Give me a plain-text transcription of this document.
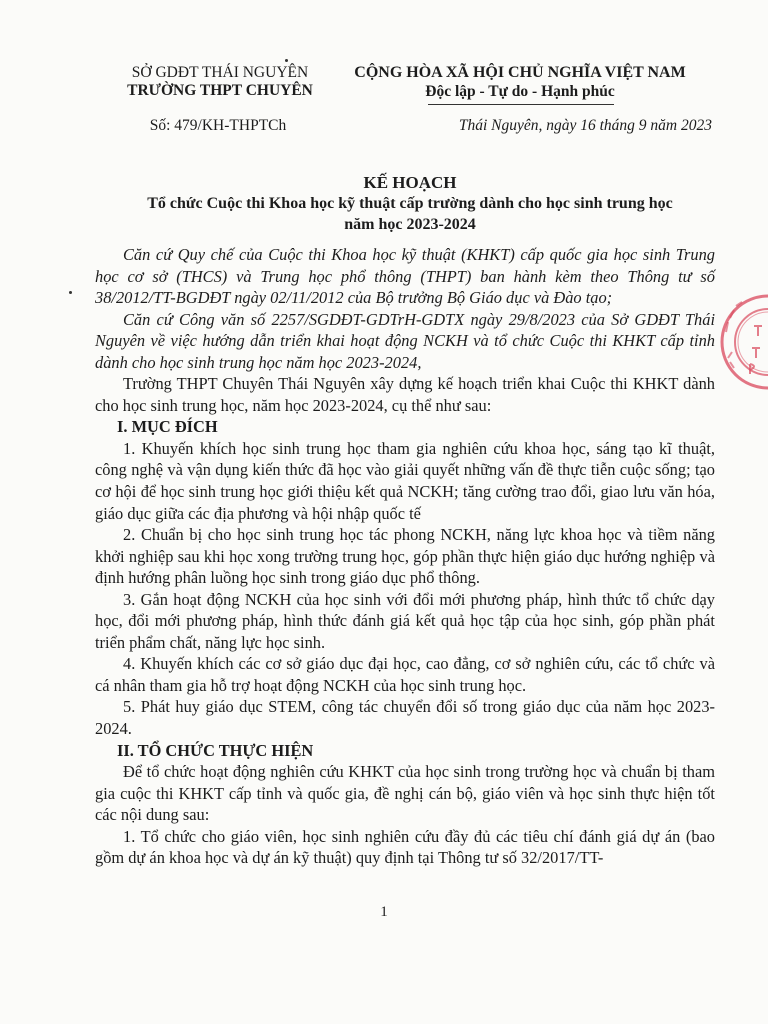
SỞ GDĐT THÁI NGUYÊN
TRƯỜNG THPT CHUYÊN
CỘNG HÒA XÃ HỘI CHỦ NGHĨA VIỆT NAM
Độc lập - Tự do - Hạnh phúc
Số: 479/KH-THPTCh	Thái Nguyên, ngày 16 tháng 9 năm 2023
KẾ HOẠCH
Tổ chức Cuộc thi Khoa học kỹ thuật cấp trường dành cho học sinh trung học
năm học 2023-2024

Căn cứ Quy chế của Cuộc thi Khoa học kỹ thuật (KHKT) cấp quốc gia học sinh Trung học cơ sở (THCS) và Trung học phổ thông (THPT) ban hành kèm theo Thông tư số 38/2012/TT-BGDĐT ngày 02/11/2012 của Bộ trưởng Bộ Giáo dục và Đào tạo;

Căn cứ Công văn số 2257/SGDĐT-GDTrH-GDTX ngày 29/8/2023 của Sở GDĐT Thái Nguyên về việc hướng dẫn triển khai hoạt động NCKH và tổ chức Cuộc thi KHKT cấp tỉnh dành cho học sinh trung học năm học 2023-2024,

Trường THPT Chuyên Thái Nguyên xây dựng kế hoạch triển khai Cuộc thi KHKT dành cho học sinh trung học, năm học 2023-2024, cụ thể như sau:

I. MỤC ĐÍCH

1. Khuyến khích học sinh trung học tham gia nghiên cứu khoa học, sáng tạo kĩ thuật, công nghệ và vận dụng kiến thức đã học vào giải quyết những vấn đề thực tiễn cuộc sống; tạo cơ hội để học sinh trung học giới thiệu kết quả NCKH; tăng cường trao đổi, giao lưu văn hóa, giáo dục giữa các địa phương và hội nhập quốc tế

2. Chuẩn bị cho học sinh trung học tác phong NCKH, năng lực khoa học và tiềm năng khởi nghiệp sau khi học xong trường trung học, góp phần thực hiện giáo dục hướng nghiệp và định hướng phân luồng học sinh trong giáo dục phổ thông.

3. Gắn hoạt động NCKH của học sinh với đổi mới phương pháp, hình thức tổ chức dạy học, đổi mới phương pháp, hình thức đánh giá kết quả học tập của học sinh, góp phần phát triển phẩm chất, năng lực học sinh.

4. Khuyến khích các cơ sở giáo dục đại học, cao đẳng, cơ sở nghiên cứu, các tổ chức và cá nhân tham gia hỗ trợ hoạt động NCKH của học sinh trung học.

5. Phát huy giáo dục STEM, công tác chuyển đổi số trong giáo dục của năm học 2023-2024.

II. TỔ CHỨC THỰC HIỆN

Để tổ chức hoạt động nghiên cứu KHKT của học sinh trong trường học và chuẩn bị tham gia cuộc thi KHKT cấp tỉnh và quốc gia, đề nghị cán bộ, giáo viên và học sinh thực hiện tốt các nội dung sau:

1. Tổ chức cho giáo viên, học sinh nghiên cứu đầy đủ các tiêu chí đánh giá dự án (bao gồm dự án khoa học và dự án kỹ thuật) quy định tại Thông tư số 32/2017/TT-

1
